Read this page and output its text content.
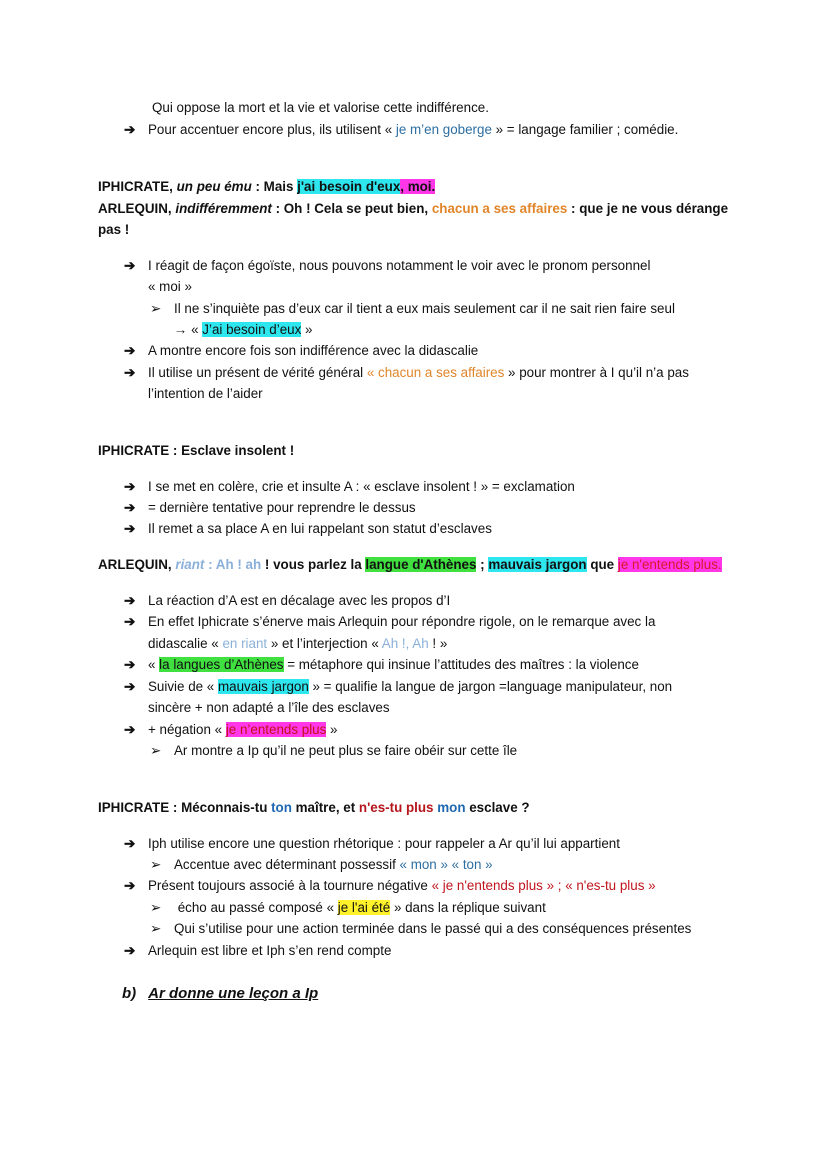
Qui oppose la mort et la vie et valorise cette indifférence.
➔ Pour accentuer encore plus, ils utilisent « je m’en goberge » = langage familier ; comédie.
IPHICRATE, un peu ému : Mais j'ai besoin d'eux, moi.
ARLEQUIN, indifféremment : Oh ! Cela se peut bien, chacun a ses affaires : que je ne vous dérange
pas !
➔ I réagit de façon égoïste, nous pouvons notamment le voir avec le pronom personnel
« moi »
➢ Il ne s’inquiète pas d’eux car il tient a eux mais seulement car il ne sait rien faire seul
→ « J’ai besoin d’eux »
➔ A montre encore fois son indifférence avec la didascalie
➔ Il utilise un présent de vérité général « chacun a ses affaires » pour montrer à I qu’il n’a pas
l’intention de l’aider
IPHICRATE : Esclave insolent !
➔ I se met en colère, crie et insulte A : « esclave insolent ! » = exclamation
➔ = dernière tentative pour reprendre le dessus
➔ Il remet a sa place A en lui rappelant son statut d’esclaves
ARLEQUIN, riant : Ah ! ah ! vous parlez la langue d'Athènes ; mauvais jargon que je n'entends plus.
➔ La réaction d’A est en décalage avec les propos d’I
➔ En effet Iphicrate s’énerve mais Arlequin pour répondre rigole, on le remarque avec la
didascalie « en riant » et l’interjection « Ah !, Ah ! »
➔ « la langues d’Athènes = métaphore qui insinue l’attitudes des maîtres : la violence
➔ Suivie de « mauvais jargon » = qualifie la langue de jargon =language manipulateur, non
sincère + non adapté a l’île des esclaves
➔ + négation « je n’entends plus »
➢ Ar montre a Ip qu’il ne peut plus se faire obéir sur cette île
IPHICRATE : Méconnais-tu ton maître, et n'es-tu plus mon esclave ?
➔ Iph utilise encore une question rhétorique : pour rappeler a Ar qu’il lui appartient
➢ Accentue avec déterminant possessif « mon » « ton »
➔ Présent toujours associé à la tournure négative « je n'entends plus » ; « n'es-tu plus »
➢ écho au passé composé « je l'ai été » dans la réplique suivant
➢ Qui s’utilise pour une action terminée dans le passé qui a des conséquences présentes
➔ Arlequin est libre et Iph s’en rend compte
b) Ar donne une leçon a Ip
